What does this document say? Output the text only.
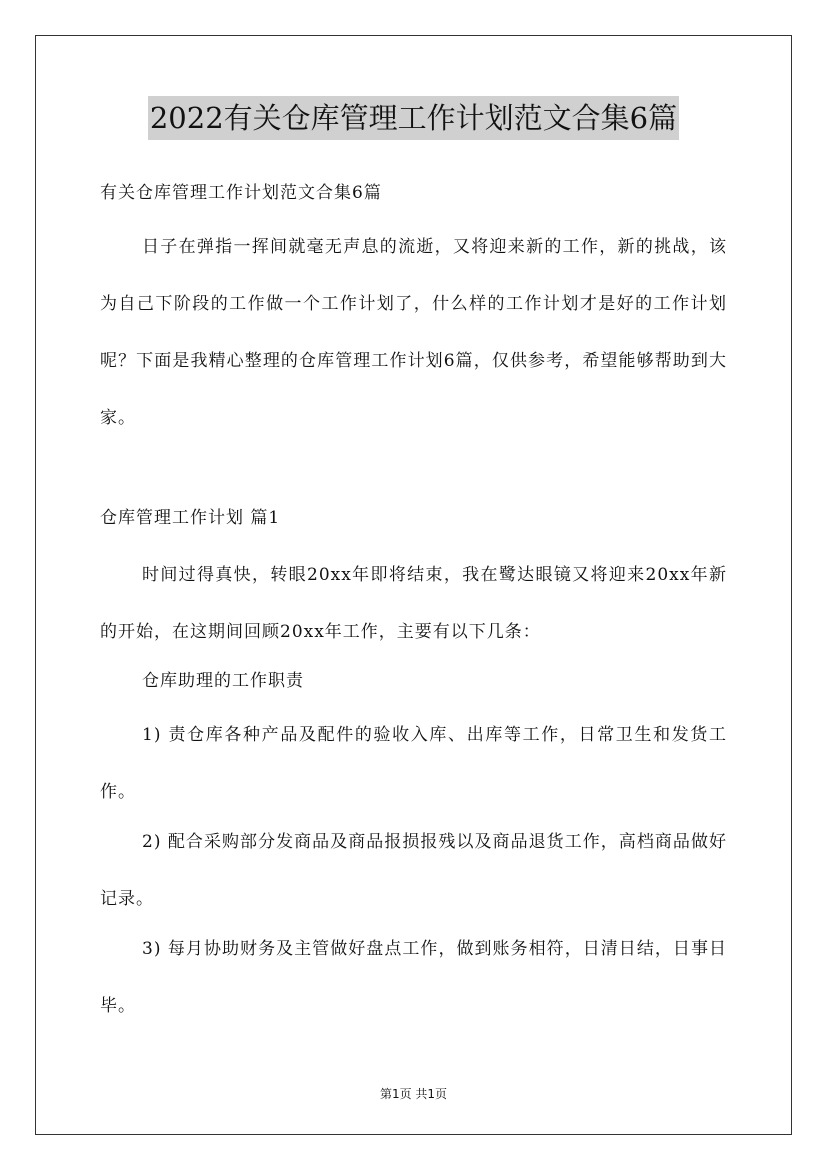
2022有关仓库管理工作计划范文合集6篇

有关仓库管理工作计划范文合集6篇

日子在弹指一挥间就毫无声息的流逝，又将迎来新的工作，新的挑战，该为自己下阶段的工作做一个工作计划了，什么样的工作计划才是好的工作计划呢？下面是我精心整理的仓库管理工作计划6篇，仅供参考，希望能够帮助到大家。

仓库管理工作计划 篇1

时间过得真快，转眼20xx年即将结束，我在鹭达眼镜又将迎来20xx年新的开始，在这期间回顾20xx年工作，主要有以下几条：

仓库助理的工作职责

1) 责仓库各种产品及配件的验收入库、出库等工作，日常卫生和发货工作。

2) 配合采购部分发商品及商品报损报残以及商品退货工作，高档商品做好记录。

3) 每月协助财务及主管做好盘点工作，做到账务相符，日清日结，日事日毕。

第1页 共1页
